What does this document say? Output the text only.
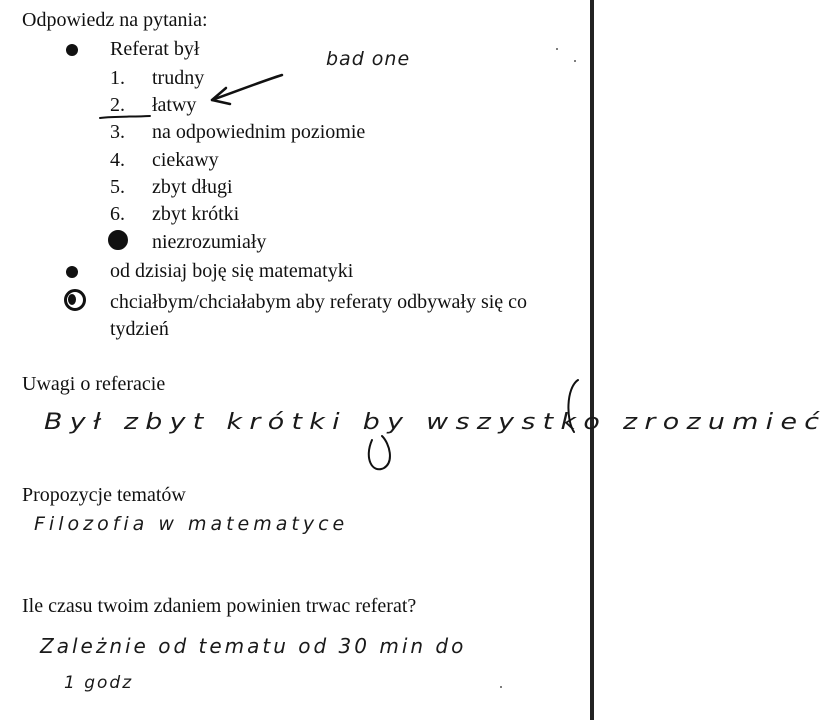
Odpowiedz na pytania:
Referat był
1. trudny
2. łatwy
3. na odpowiednim poziomie
4. ciekawy
5. zbyt długi
6. zbyt krótki
niezrozumiały
od dzisiaj boję się matematyki
chciałbym/chciałabym aby referaty odbywały się co
tydzień
bad one
Uwagi o referacie
Był zbyt krótki by wszystko zrozumieć
Propozycje tematów
Filozofia w matematyce
Ile czasu twoim zdaniem powinien trwac referat?
Zależnie od tematu od 30 min do
1 godz
